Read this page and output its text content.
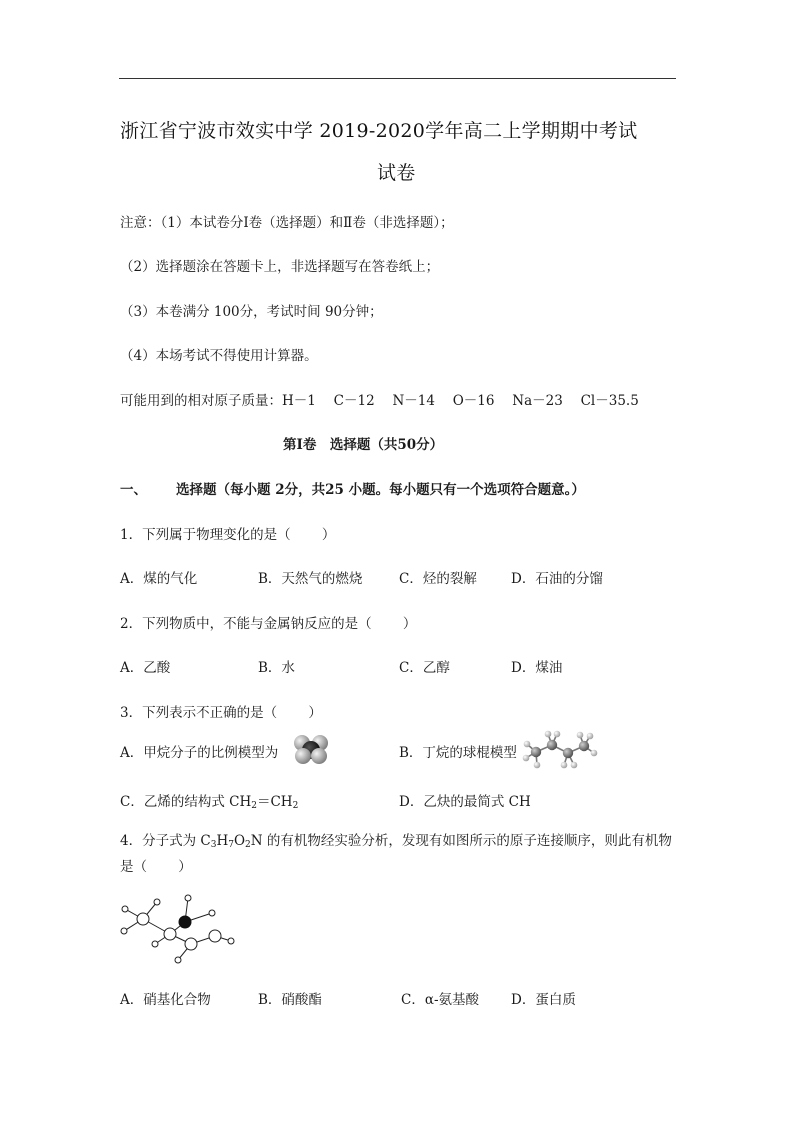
浙江省宁波市效实中学 2019-2020学年高二上学期期中考试
试卷
注意：（1）本试卷分Ⅰ卷（选择题）和Ⅱ卷（非选择题）；
（2）选择题涂在答题卡上，非选择题写在答卷纸上；
（3）本卷满分 100分，考试时间 90分钟；
（4）本场考试不得使用计算器。
可能用到的相对原子质量：H－1　 C－12　 N－14　 O－16　 Na－23　 Cl－35.5
第Ⅰ卷　选择题（共50分）
一、 选择题（每小题 2分，共25 小题。每小题只有一个选项符合题意。）
1．下列属于物理变化的是（　　 ）
A．煤的气化	B．天然气的燃烧	C．烃的裂解	D．石油的分馏
2．下列物质中，不能与金属钠反应的是（　　 ）
A．乙酸	B．水	C．乙醇	D．煤油
3．下列表示不正确的是（　　 ）
A．甲烷分子的比例模型为	B．丁烷的球棍模型
C．乙烯的结构式 $CH_2=CH_2$	D．乙炔的最简式 CH
4．分子式为 $C_3H_7O_2N$ 的有机物经实验分析，发现有如图所示的原子连接顺序，则此有机物
是（　　 ）
A．硝基化合物	B．硝酸酯	C．α-氨基酸 D．蛋白质
